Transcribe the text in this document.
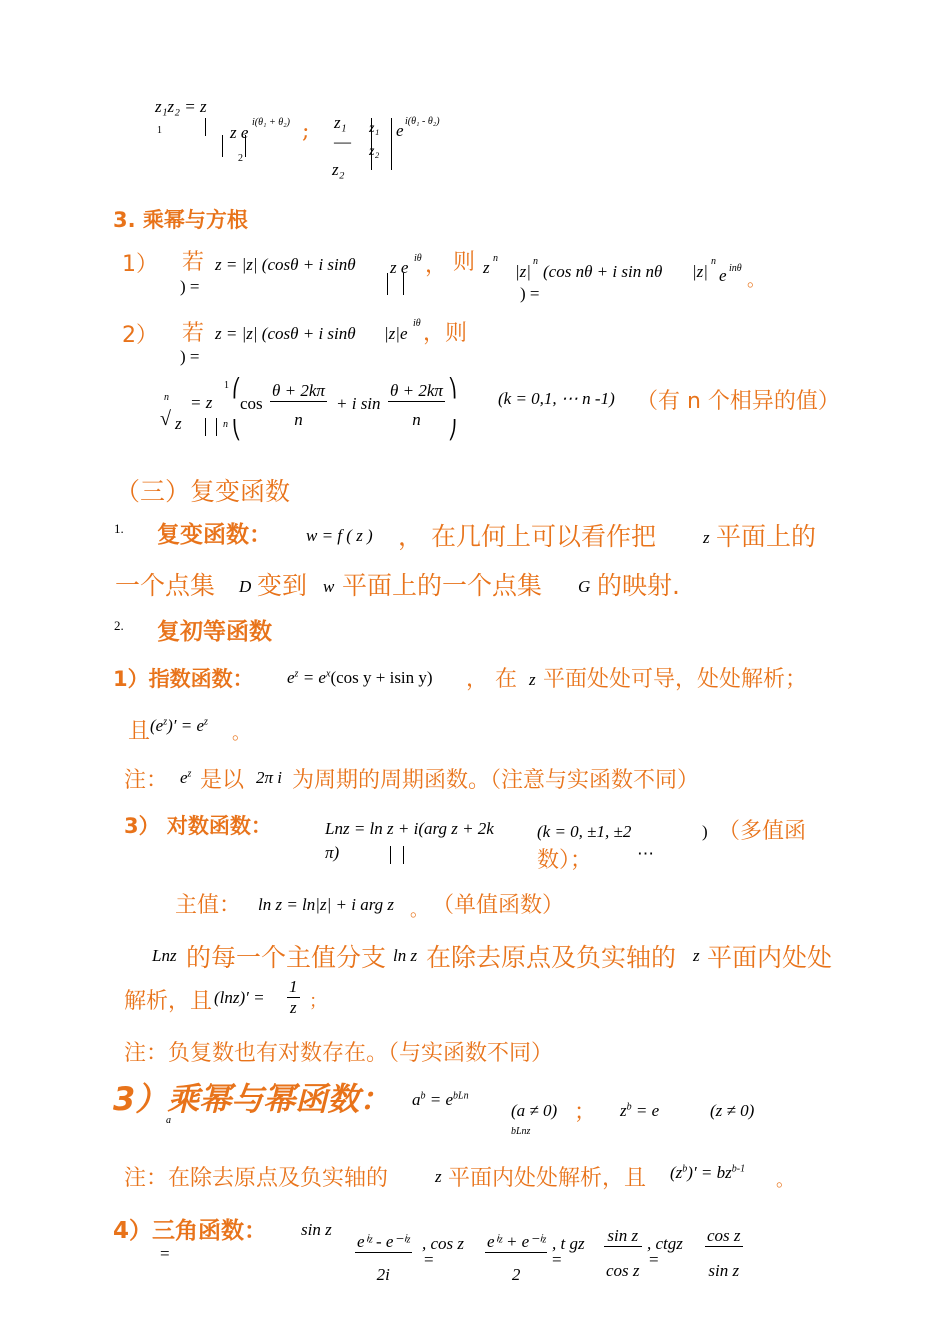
z₁z₂ = z
1	z e
i(θ₁ + θ₂)
2
; z₁
—
z₂
z₁
z₂
e i(θ₁ - θ₂)
3. 乘幂与方根
1） 若 z = |z| (cosθ + i sinθ
) =
z e iθ ， 则 z n
|z|
n
(cos nθ + i sin nθ
) =
|z|
n
e inθ
。
2） 若 z = |z| (cosθ + i sinθ
) =
|z|e
iθ ，则
n
√ z
= z
1
n
⎛
⎝
$\cos \frac{\theta + 2k\pi}{n} + i$ $\sin \frac{\theta + 2k\pi}{n}$ ⎞
⎠
(k = 0,1, ⋯ n -1) （有 n 个相异的值）
（三）复变函数
1. 复变函数： w = f ( z ) ， 在几何上可以看作把	z 平面上的
一个点集 D 变到 w 平面上的一个点集 G 的映射.
2. 复初等函数
1）指数函数： $e^z = e^x(\cos$ y + isin y) ， 在 z 平面处处可导，处处解析；
且 $(e^z)' = e^z$
。
注： $e^z$ 是以 2π i 为周期的周期函数。（注意与实函数不同）
3） 对数函数：	Lnz = ln z + i(arg z + 2k
π)
(k = 0, ±1, ±2
⋯
) （多值函
数）；
主值： ln z = ln|z| + i arg z 。 （单值函数）
Lnz 的每一个主值分支 ln z 在除去原点及负实轴的 z 平面内处处
解析，且 $(\ln z)' = \frac{1}{z}$ ；
注：负复数也有对数存在。（与实函数不同）
3）乘幂与幂函数： $a^b = e^{bLn}$
a
(a ≠ 0) ； $z^b = e$
bLnz
(z ≠ 0)
注：在除去原点及负实轴的	z 平面内处处解析，且 $(z^b)' = bz^{b-1}$
。
4）三角函数： sin z
=
eⁱᶻ - e⁻ⁱᶻ
2i
, cos z
=
eⁱᶻ + e⁻ⁱᶻ
2
, t gz
= $\frac{\text{sin z}}{\text{cos z}}$ , ctgz
=	$\frac{\text{cos z}}{\text{sin z}}$
